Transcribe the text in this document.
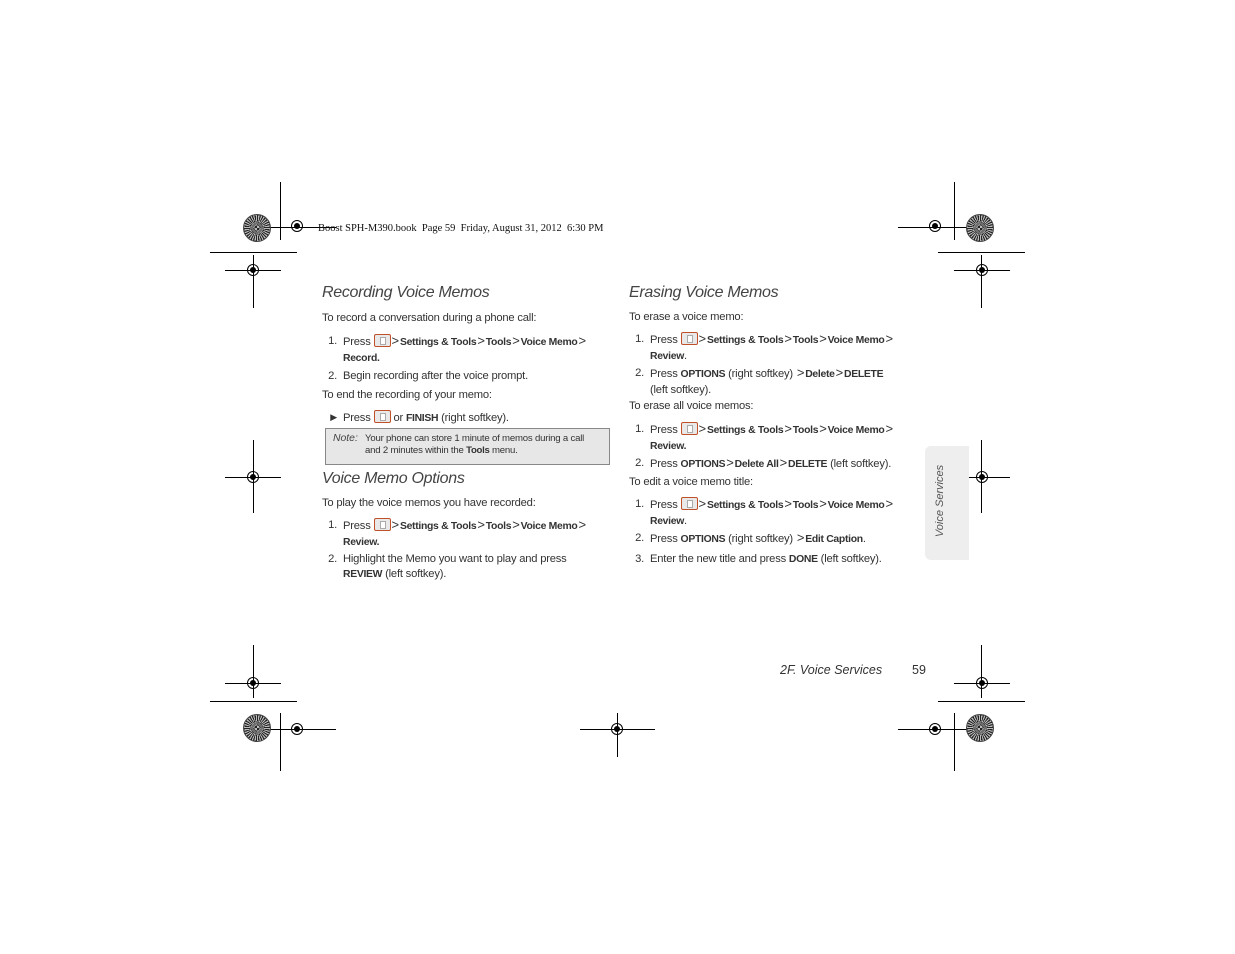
Boost SPH-M390.book  Page 59  Friday, August 31, 2012  6:30 PM
Recording Voice Memos
To record a conversation during a phone call:
1. Press >Settings & Tools>Tools>Voice Memo>
Record.
2. Begin recording after the voice prompt.
To end the recording of your memo:
▶ Press or FINISH (right softkey).
Note: Your phone can store 1 minute of memos during a call
and 2 minutes within the Tools menu.
Voice Memo Options
To play the voice memos you have recorded:
1. Press >Settings & Tools>Tools>Voice Memo>
Review.
2. Highlight the Memo you want to play and press
REVIEW (left softkey).
Erasing Voice Memos
To erase a voice memo:
1. Press >Settings & Tools>Tools>Voice Memo>
Review.
2. Press OPTIONS (right softkey) >Delete>DELETE
(left softkey).
To erase all voice memos:
1. Press >Settings & Tools>Tools>Voice Memo>
Review.
2. Press OPTIONS>Delete All>DELETE (left softkey).
To edit a voice memo title:
1. Press >Settings & Tools>Tools>Voice Memo>
Review.
2. Press OPTIONS (right softkey) >Edit Caption.
3. Enter the new title and press DONE (left softkey).
Voice Services
2F. Voice Services 59
